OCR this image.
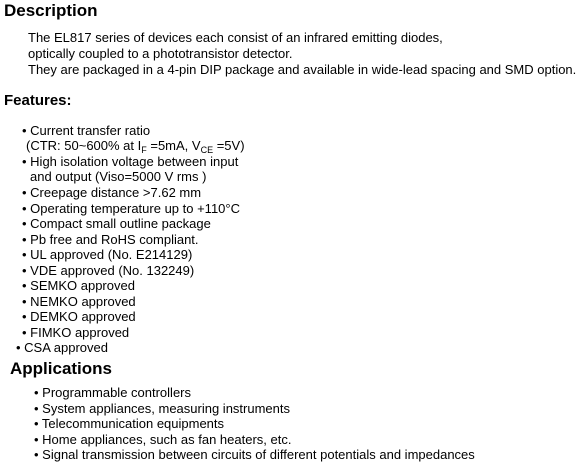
Description
The EL817 series of devices each consist of an infrared emitting diodes,
optically coupled to a phototransistor detector.
They are packaged in a 4-pin DIP package and available in wide-lead spacing and SMD option.
Features:
• Current transfer ratio
(CTR: 50~600% at $I_F =5mA$, $V_{CE} =5V$)
• High isolation voltage between input
and output (Viso=5000 V rms )
• Creepage distance >7.62 mm
• Operating temperature up to +110°C
• Compact small outline package
• Pb free and RoHS compliant.
• UL approved (No. E214129)
• VDE approved (No. 132249)
• SEMKO approved
• NEMKO approved
• DEMKO approved
• FIMKO approved
• CSA approved
Applications
• Programmable controllers
• System appliances, measuring instruments
• Telecommunication equipments
• Home appliances, such as fan heaters, etc.
• Signal transmission between circuits of different potentials and impedances
